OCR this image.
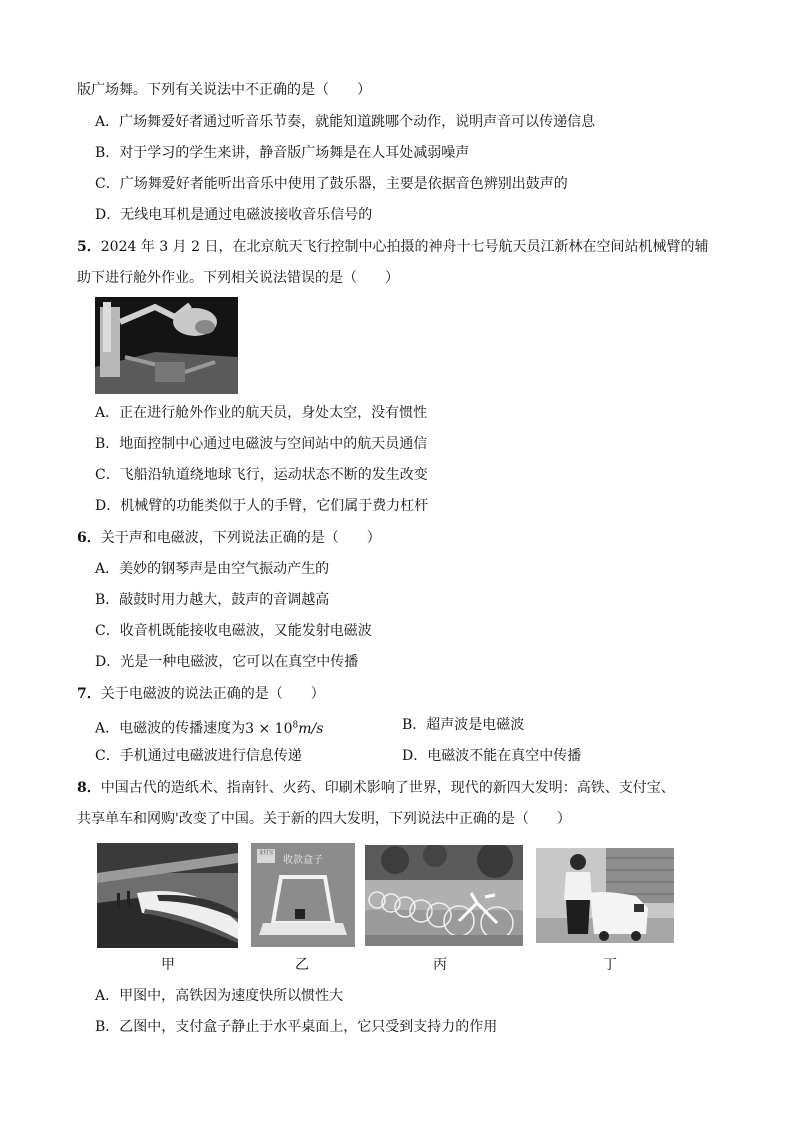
版广场舞。下列有关说法中不正确的是（　　）
A．广场舞爱好者通过听音乐节奏，就能知道跳哪个动作，说明声音可以传递信息
B．对于学习的学生来讲，静音版广场舞是在人耳处减弱噪声
C．广场舞爱好者能听出音乐中使用了鼓乐器，主要是依据音色辨别出鼓声的
D．无线电耳机是通过电磁波接收音乐信号的
5．2024 年 3 月 2 日，在北京航天飞行控制中心拍摄的神舟十七号航天员江新林在空间站机械臂的辅
助下进行舱外作业。下列相关说法错误的是（　　）
A．正在进行舱外作业的航天员，身处太空，没有惯性
B．地面控制中心通过电磁波与空间站中的航天员通信
C．飞船沿轨道绕地球飞行，运动状态不断的发生改变
D．机械臂的功能类似于人的手臂，它们属于费力杠杆
6．关于声和电磁波，下列说法正确的是（　　）
A．美妙的钢琴声是由空气振动产生的
B．敲鼓时用力越大，鼓声的音调越高
C．收音机既能接收电磁波，又能发射电磁波
D．光是一种电磁波，它可以在真空中传播
7．关于电磁波的说法正确的是（　　）
A．电磁波的传播速度为$3 \times 10^8m/s$	B．超声波是电磁波
C．手机通过电磁波进行信息传递	D．电磁波不能在真空中传播
8．中国古代的造纸术、指南针、火药、印刷术影响了世界，现代的新四大发明：高铁、支付宝、
共享单车和网购'改变了中国。关于新的四大发明，下列说法中正确的是（　　）
支付宝
收款盒子
甲	乙	丙	丁
A．甲图中，高铁因为速度快所以惯性大
B．乙图中，支付盒子静止于水平桌面上，它只受到支持力的作用
